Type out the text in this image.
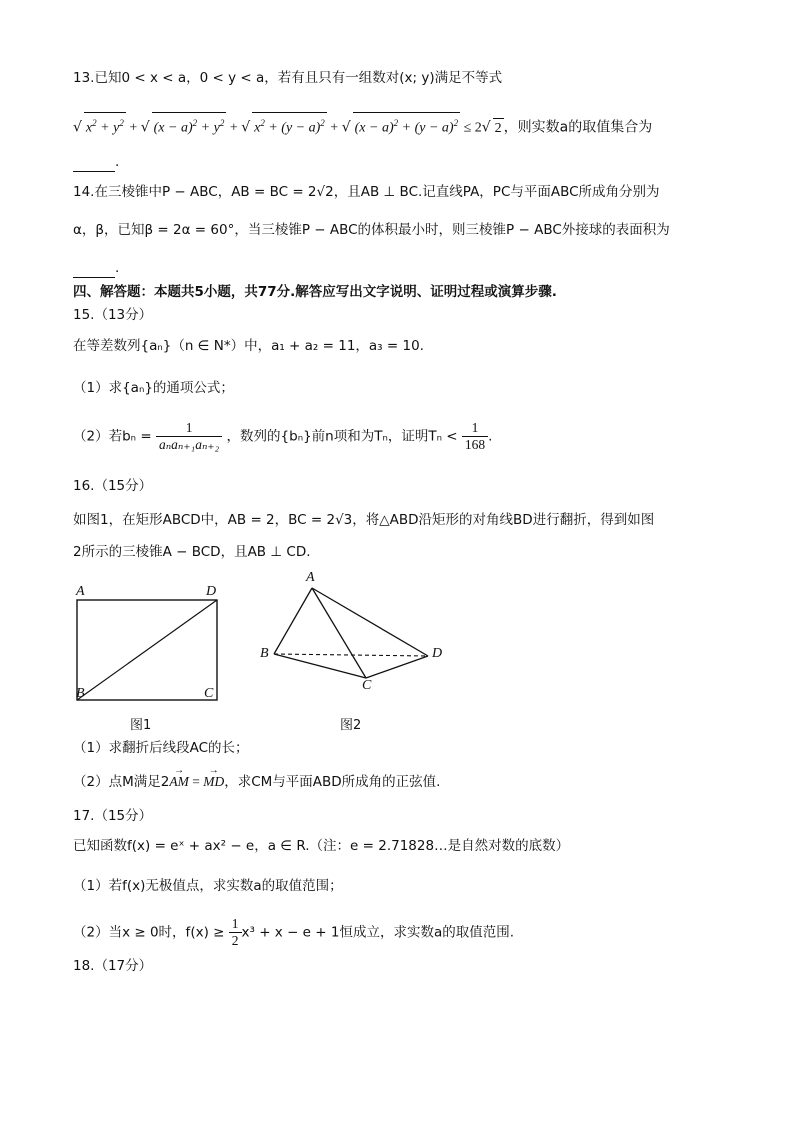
13.已知0 < x < a，0 < y < a，若有且只有一组数对(x; y)满足不等式
√ $x^2 + y^2$ + √ $(x - a)^2 + y^2$ + √ $x^2 + (y - a)^2$ + √ $(x - a)^2 + (y - a)^2 \le 2√$ 2 ，则实数a的取值集合为
.
14.在三棱锥中P − ABC，AB = BC = 2√2，且AB ⊥ BC.记直线PA，PC与平面ABC所成角分别为
α，β，已知β = 2α = 60°，当三棱锥P − ABC的体积最小时，则三棱锥P − ABC外接球的表面积为
.
四、解答题：本题共5小题，共77分.解答应写出文字说明、证明过程或演算步骤.
15.（13分）
在等差数列{aₙ}（n ∈ N*）中，a₁ + a₂ = 11，a₃ = 10.
（1）求{aₙ}的通项公式；
（2）若$b_n = \frac{1}{\text{aₙaₙ₊₁aₙ₊₂}}$ ，数列的{bₙ}前n项和为Tₙ，证明$T_n < \frac{1}{168}$ .
16.（15分）
如图1，在矩形ABCD中，AB = 2，BC = 2√3，将△ABD沿矩形的对角线BD进行翻折，得到如图
2所示的三棱锥A − BCD，且AB ⊥ CD.
A	D
B	C
图1
A
B
C
D
图2
（1）求翻折后线段AC的长；
（2）点M满足2→ AM = → MD，求CM与平面ABD所成角的正弦值.
17.（15分）
已知函数f(x) = eˣ + ax² − e，a ∈ R.（注：e = 2.71828…是自然对数的底数）
（1）若f(x)无极值点，求实数a的取值范围；
（2）当x ≥ 0时，$f(x) \ge \frac{1}{2} x^3 + x - e + 1$恒成立，求实数a的取值范围.
18.（17分）
